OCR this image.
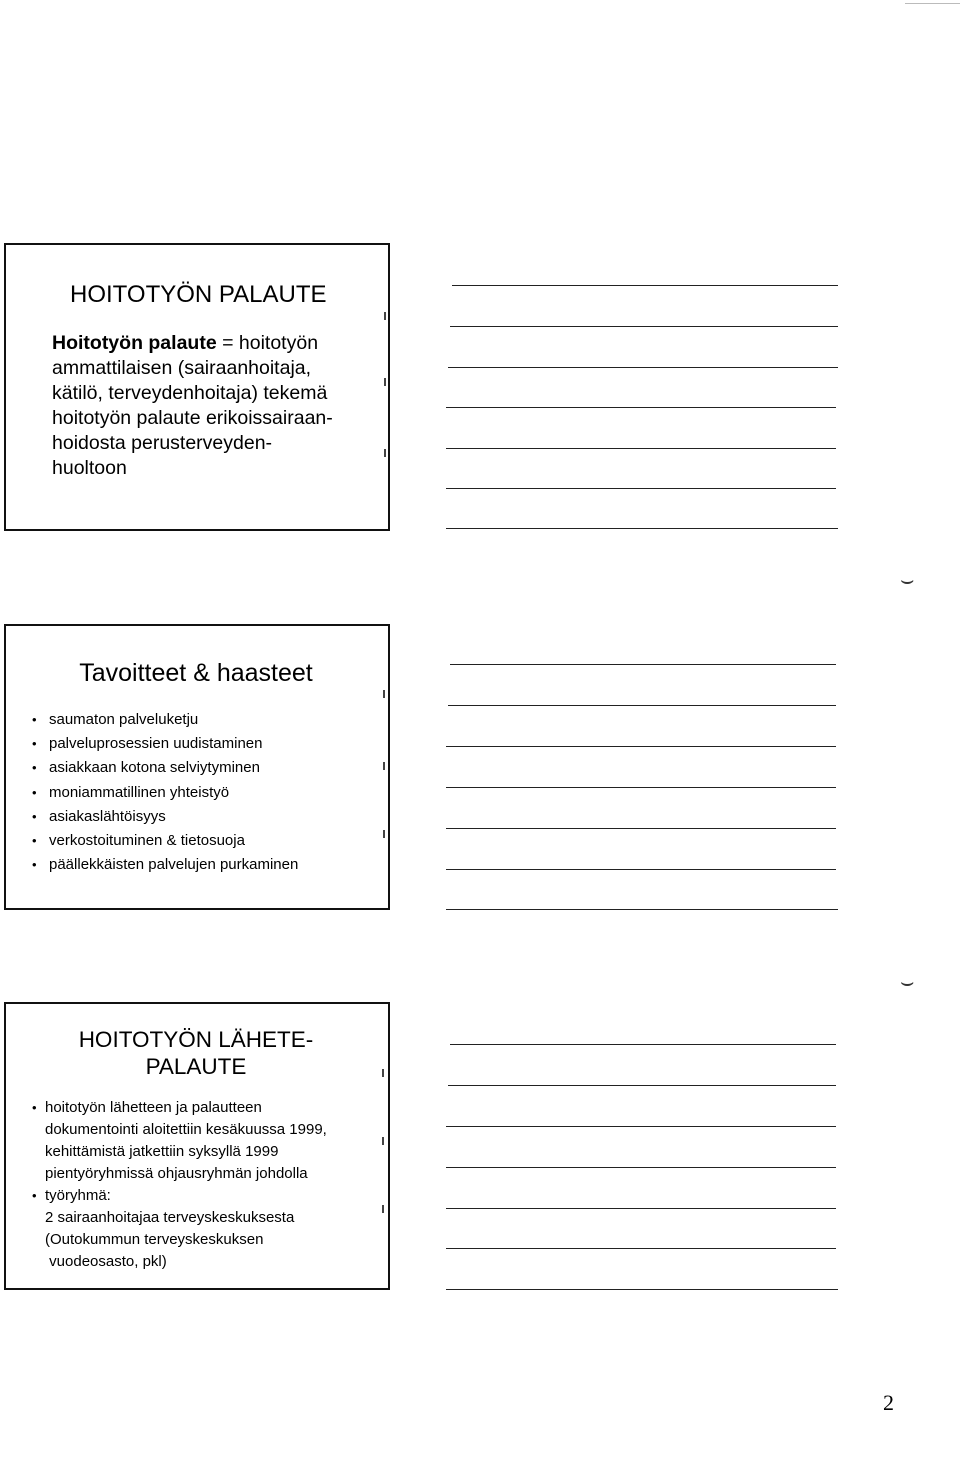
HOITOTYÖN PALAUTE
Hoitotyön palaute = hoitotyön
ammattilaisen (sairaanhoitaja,
kätilö, terveydenhoitaja) tekemä
hoitotyön palaute erikoissairaan-
hoidosta perusterveyden-
huoltoon
Tavoitteet & haasteet
• saumaton palveluketju
• palveluprosessien uudistaminen
• asiakkaan kotona selviytyminen
• moniammatillinen yhteistyö
• asiakaslähtöisyys
• verkostoituminen & tietosuoja
• päällekkäisten palvelujen purkaminen
HOITOTYÖN LÄHETE-
PALAUTE
• hoitotyön lähetteen ja palautteen
dokumentointi aloitettiin kesäkuussa 1999,
kehittämistä jatkettiin syksyllä 1999
pientyöryhmissä ohjausryhmän johdolla
• työryhmä:
2 sairaanhoitajaa terveyskeskuksesta
(Outokummun terveyskeskuksen
vuodeosasto, pkl)
⌣
⌣
2
